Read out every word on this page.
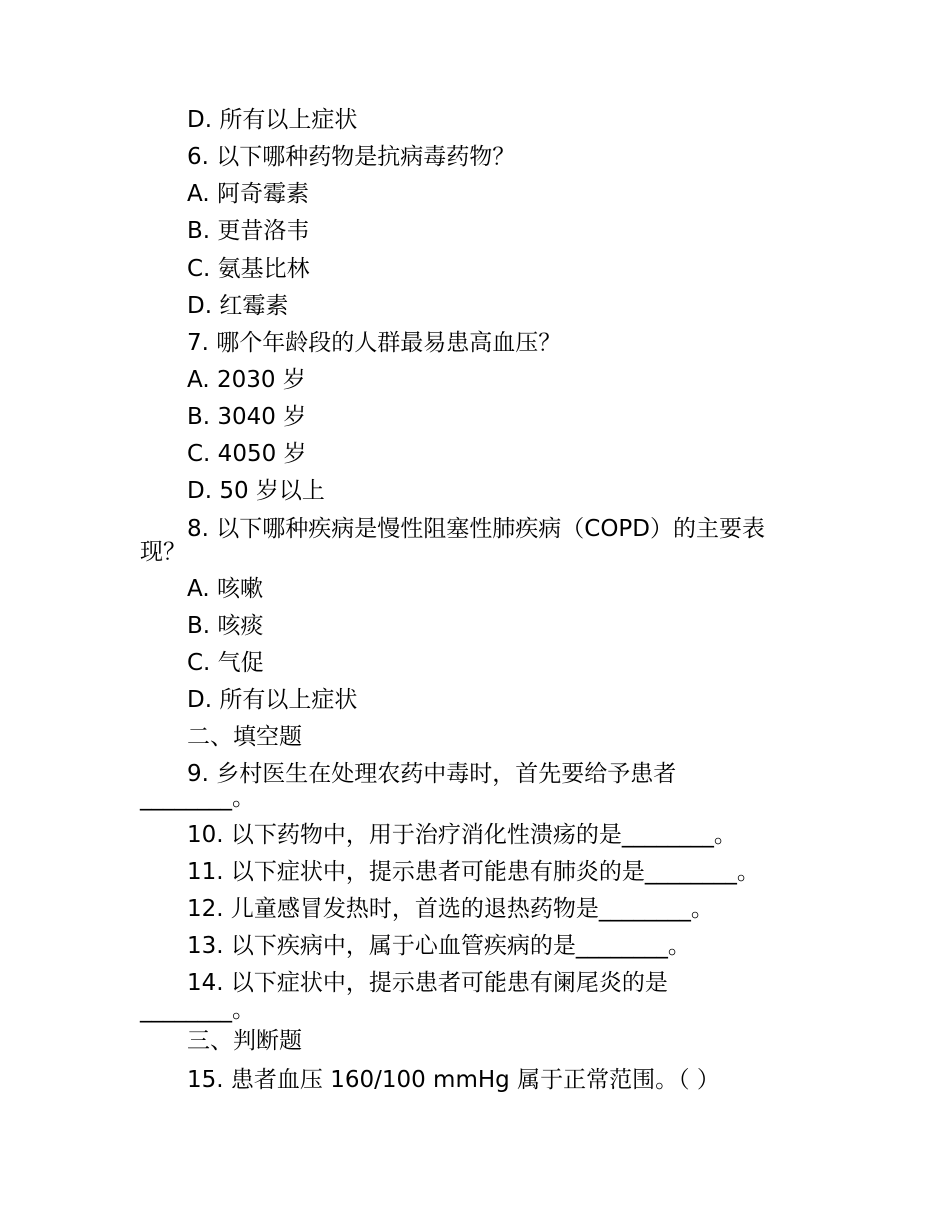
D. 所有以上症状
6. 以下哪种药物是抗病毒药物？
A. 阿奇霉素
B. 更昔洛韦
C. 氨基比林
D. 红霉素
7. 哪个年龄段的人群最易患高血压？
A. 2030 岁
B. 3040 岁
C. 4050 岁
D. 50 岁以上
8. 以下哪种疾病是慢性阻塞性肺疾病（COPD）的主要表
现？
A. 咳嗽
B. 咳痰
C. 气促
D. 所有以上症状
二、填空题
9. 乡村医生在处理农药中毒时，首先要给予患者
________。
10. 以下药物中，用于治疗消化性溃疡的是________。
11. 以下症状中，提示患者可能患有肺炎的是________。
12. 儿童感冒发热时，首选的退热药物是________。
13. 以下疾病中，属于心血管疾病的是________。
14. 以下症状中，提示患者可能患有阑尾炎的是
________。
三、判断题
15. 患者血压 160/100 mmHg 属于正常范围。（ ）
